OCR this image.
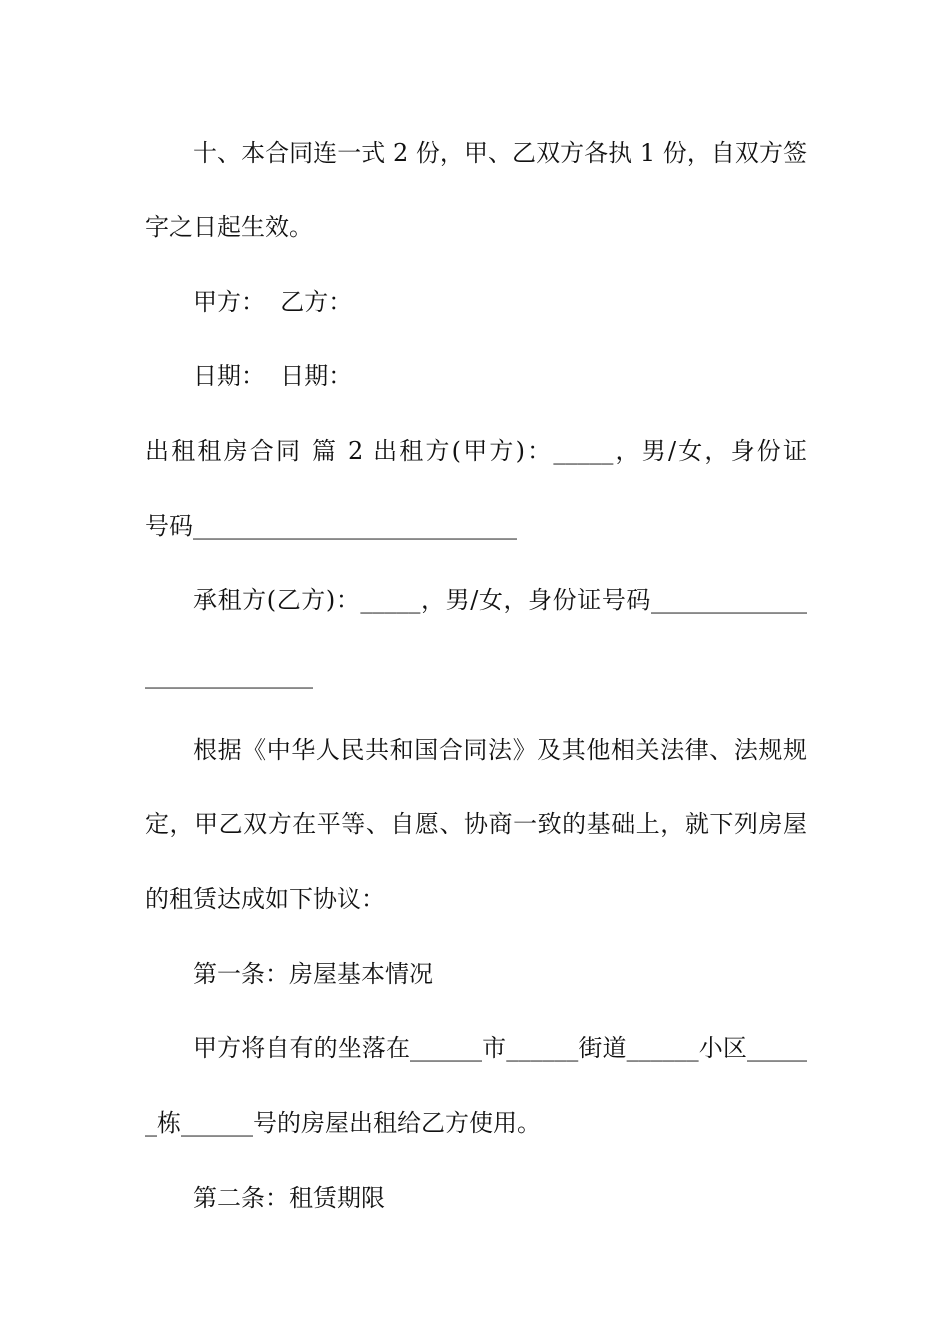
十、本合同连一式 2 份，甲、乙双方各执 1 份，自双方签
字之日起生效。
甲方：  乙方：
日期：  日期：
出租租房合同 篇 2 出租方(甲方)：_____，男/女，身份证
号码___________________________
承租方(乙方)：_____，男/女，身份证号码_____________
______________
根据《中华人民共和国合同法》及其他相关法律、法规规
定，甲乙双方在平等、自愿、协商一致的基础上，就下列房屋
的租赁达成如下协议：
第一条：房屋基本情况
甲方将自有的坐落在______市______街道______小区_____
_栋______号的房屋出租给乙方使用。
第二条：租赁期限
